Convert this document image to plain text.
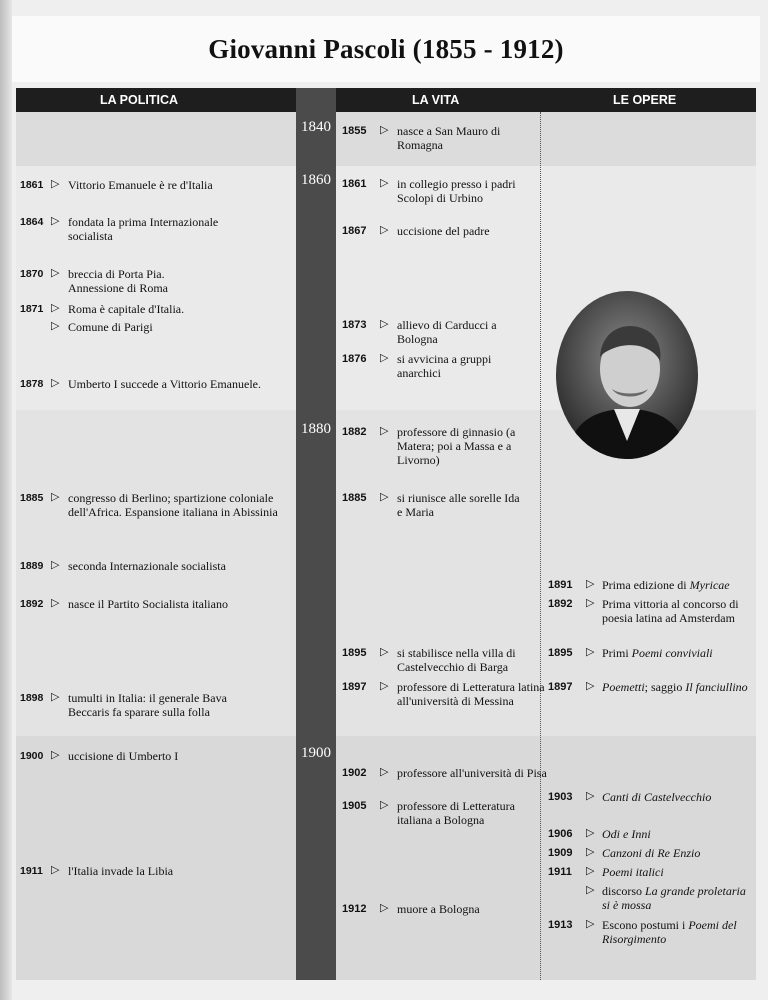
Giovanni Pascoli (1855 - 1912)
LA POLITICA	LA VITA	LE OPERE
1840
1860
1880
1900
1861 ▷ Vittorio Emanuele è re d'Italia
1864 ▷ fondata la prima Internazionale socialista
1870 ▷ breccia di Porta Pia. Annessione di Roma
1871 ▷ Roma è capitale d'Italia.
▷ Comune di Parigi
1878 ▷ Umberto I succede a Vittorio Emanuele.
1885 ▷ congresso di Berlino; spartizione coloniale dell'Africa. Espansione italiana in Abissinia
1889 ▷ seconda Internazionale socialista
1892 ▷ nasce il Partito Socialista italiano
1898 ▷ tumulti in Italia: il generale Bava Beccaris fa sparare sulla folla
1900 ▷ uccisione di Umberto I
1911 ▷ l'Italia invade la Libia
1855 ▷ nasce a San Mauro di Romagna
1861 ▷ in collegio presso i padri Scolopi di Urbino
1867 ▷ uccisione del padre
1873 ▷ allievo di Carducci a Bologna
1876 ▷ si avvicina a gruppi anarchici
1882 ▷ professore di ginnasio (a Matera; poi a Massa e a Livorno)
1885 ▷ si riunisce alle sorelle Ida e Maria
1895 ▷ si stabilisce nella villa di Castelvecchio di Barga
1897 ▷ professore di Letteratura latina all'università di Messina
1902 ▷ professore all'università di Pisa
1905 ▷ professore di Letteratura italiana a Bologna
1912 ▷ muore a Bologna
1891 ▷ Prima edizione di Myricae
1892 ▷ Prima vittoria al concorso di poesia latina ad Amsterdam
1895 ▷ Primi Poemi conviviali
1897 ▷ Poemetti; saggio Il fanciullino
1903 ▷ Canti di Castelvecchio
1906 ▷ Odi e Inni
1909 ▷ Canzoni di Re Enzio
1911 ▷ Poemi italici
▷ discorso La grande proletaria si è mossa
1913 ▷ Escono postumi i Poemi del Risorgimento
